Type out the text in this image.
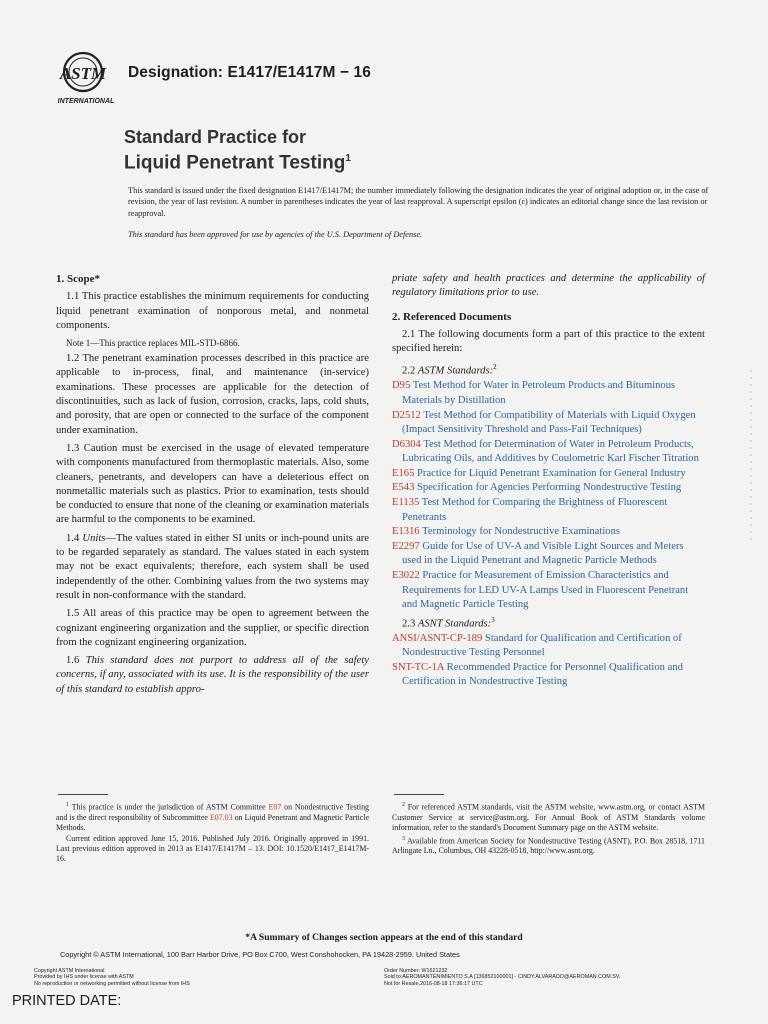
ASTM
INTERNATIONAL
Designation: E1417/E1417M − 16
Standard Practice for
Liquid Penetrant Testing$^1$

This standard is issued under the fixed designation E1417/E1417M; the number immediately following the designation indicates the year of original adoption or, in the case of revision, the year of last revision. A number in parentheses indicates the year of last reapproval. A superscript epsilon (ε) indicates an editorial change since the last revision or reapproval.

This standard has been approved for use by agencies of the U.S. Department of Defense.

1. Scope*

1.1 This practice establishes the minimum requirements for conducting liquid penetrant examination of nonporous metal, and nonmetal components.

Note 1—This practice replaces MIL-STD-6866.

1.2 The penetrant examination processes described in this practice are applicable to in-process, final, and maintenance (in-service) examinations. These processes are applicable for the detection of discontinuities, such as lack of fusion, corrosion, cracks, laps, cold shuts, and porosity, that are open or connected to the surface of the component under examination.

1.3 Caution must be exercised in the usage of elevated temperature with components manufactured from thermoplastic materials. Also, some cleaners, penetrants, and developers can have a deleterious effect on nonmetallic materials such as plastics. Prior to examination, tests should be conducted to ensure that none of the cleaning or examination materials are harmful to the components to be examined.

1.4 Units—The values stated in either SI units or inch-pound units are to be regarded separately as standard. The values stated in each system may not be exact equivalents; therefore, each system shall be used independently of the other. Combining values from the two systems may result in non-conformance with the standard.

1.5 All areas of this practice may be open to agreement between the cognizant engineering organization and the supplier, or specific direction from the cognizant engineering organization.

1.6 This standard does not purport to address all of the safety concerns, if any, associated with its use. It is the responsibility of the user of this standard to establish appro-

priate safety and health practices and determine the applicability of regulatory limitations prior to use.

2. Referenced Documents

2.1 The following documents form a part of this practice to the extent specified herein:

2.2 ASTM Standards:$^2$

D95 Test Method for Water in Petroleum Products and Bituminous Materials by Distillation
D2512 Test Method for Compatibility of Materials with Liquid Oxygen (Impact Sensitivity Threshold and Pass-Fail Techniques)
D6304 Test Method for Determination of Water in Petroleum Products, Lubricating Oils, and Additives by Coulometric Karl Fischer Titration
E165 Practice for Liquid Penetrant Examination for General Industry
E543 Specification for Agencies Performing Nondestructive Testing
E1135 Test Method for Comparing the Brightness of Fluorescent Penetrants
E1316 Terminology for Nondestructive Examinations
E2297 Guide for Use of UV-A and Visible Light Sources and Meters used in the Liquid Penetrant and Magnetic Particle Methods
E3022 Practice for Measurement of Emission Characteristics and Requirements for LED UV-A Lamps Used in Fluorescent Penetrant and Magnetic Particle Testing

2.3 ASNT Standards:$^3$

ANSI/ASNT-CP-189 Standard for Qualification and Certification of Nondestructive Testing Personnel
SNT-TC-1A Recommended Practice for Personnel Qualification and Certification in Nondestructive Testing

$^1$ This practice is under the jurisdiction of ASTM Committee E07 on Nondestructive Testing and is the direct responsibility of Subcommittee E07.03 on Liquid Penetrant and Magnetic Particle Methods.

Current edition approved June 15, 2016. Published July 2016. Originally approved in 1991. Last previous edition approved in 2013 as E1417/E1417M – 13. DOI: 10.1520/E1417_E1417M-16.

$^2$ For referenced ASTM standards, visit the ASTM website, www.astm.org, or contact ASTM Customer Service at service@astm.org. For Annual Book of ASTM Standards volume information, refer to the standard's Document Summary page on the ASTM website.

$^3$ Available from American Society for Nondestructive Testing (ASNT), P.O. Box 28518, 1711 Arlingate Ln., Columbus, OH 43228-0518, http://www.asnt.org.

*A Summary of Changes section appears at the end of this standard
Copyright © ASTM International, 100 Barr Harbor Drive, PO Box C700, West Conshohocken, PA 19428-2959. United States
Copyright ASTM International
Provided by IHS under license with ASTM
No reproduction or networking permitted without license from IHS
Order Number: W1621232
Sold to:AEROMANTENIMIENTO S.A [136852100001] - CINDY.ALVARADO@AEROMAN.COM.SV,
Not for Resale,2016-08-18 17:36:17 UTC
PRINTED DATE:
